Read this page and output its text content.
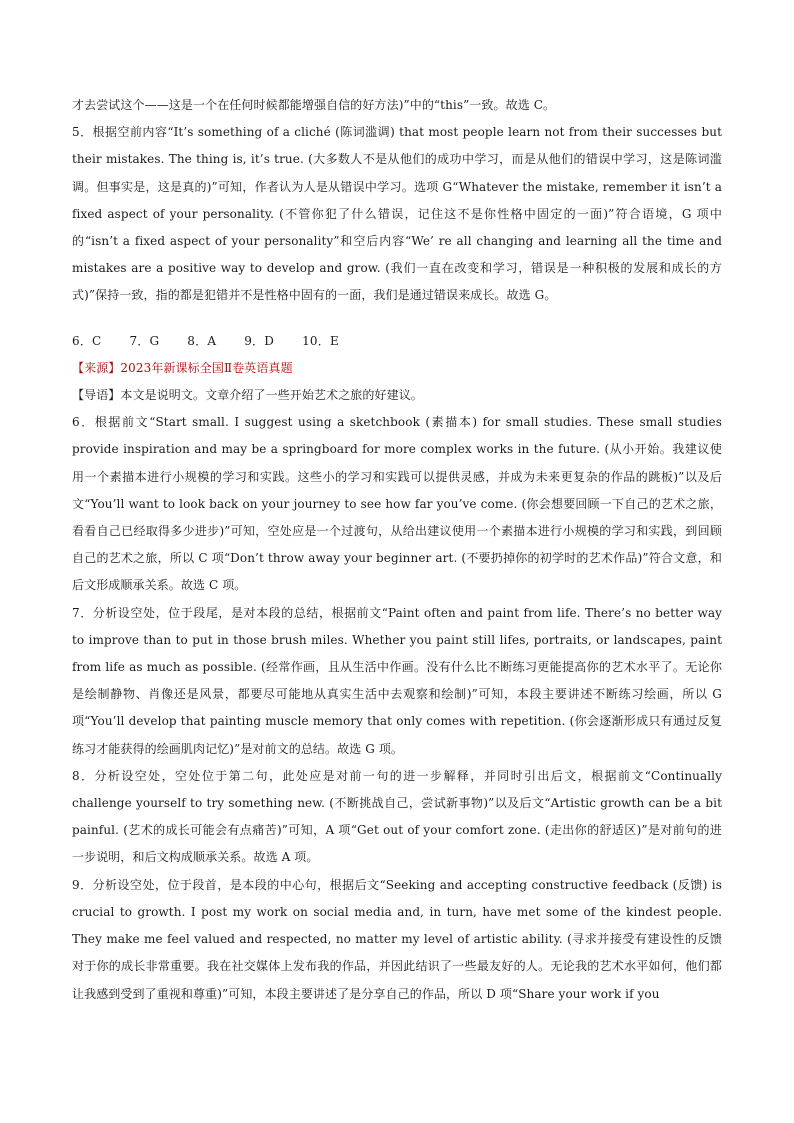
才去尝试这个——这是一个在任何时候都能增强自信的好方法)”中的“this”一致。故选 C。

5．根据空前内容“It’s something of a cliché (陈词滥调) that most people learn not from their successes but their mistakes. The thing is, it’s true. (大多数人不是从他们的成功中学习，而是从他们的错误中学习，这是陈词滥调。但事实是，这是真的)”可知，作者认为人是从错误中学习。选项 G“Whatever the mistake, remember it isn’t a fixed aspect of your personality. (不管你犯了什么错误，记住这不是你性格中固定的一面)”符合语境，G 项中的“isn’t a fixed aspect of your personality”和空后内容“We’ re all changing and learning all the time and mistakes are a positive way to develop and grow. (我们一直在改变和学习，错误是一种积极的发展和成长的方式)”保持一致，指的都是犯错并不是性格中固有的一面，我们是通过错误来成长。故选 G。

6．C 7．G 8．A 9．D 10．E

【来源】2023年新课标全国Ⅱ卷英语真题

【导语】本文是说明文。文章介绍了一些开始艺术之旅的好建议。

6．根据前文“Start small. I suggest using a sketchbook (素描本) for small studies. These small studies provide inspiration and may be a springboard for more complex works in the future. (从小开始。我建议使用一个素描本进行小规模的学习和实践。这些小的学习和实践可以提供灵感，并成为未来更复杂的作品的跳板)”以及后文“You’ll want to look back on your journey to see how far you’ve come. (你会想要回顾一下自己的艺术之旅，看看自己已经取得多少进步)”可知，空处应是一个过渡句，从给出建议使用一个素描本进行小规模的学习和实践，到回顾自己的艺术之旅，所以 C 项“Don’t throw away your beginner art. (不要扔掉你的初学时的艺术作品)”符合文意，和后文形成顺承关系。故选 C 项。

7．分析设空处，位于段尾，是对本段的总结，根据前文“Paint often and paint from life. There’s no better way to improve than to put in those brush miles. Whether you paint still lifes, portraits, or landscapes, paint from life as much as possible. (经常作画，且从生活中作画。没有什么比不断练习更能提高你的艺术水平了。无论你是绘制静物、肖像还是风景，都要尽可能地从真实生活中去观察和绘制)”可知，本段主要讲述不断练习绘画，所以 G 项“You’ll develop that painting muscle memory that only comes with repetition. (你会逐渐形成只有通过反复练习才能获得的绘画肌肉记忆)”是对前文的总结。故选 G 项。

8．分析设空处，空处位于第二句，此处应是对前一句的进一步解释，并同时引出后文，根据前文“Continually challenge yourself to try something new. (不断挑战自己，尝试新事物)”以及后文“Artistic growth can be a bit painful. (艺术的成长可能会有点痛苦)”可知，A 项“Get out of your comfort zone. (走出你的舒适区)”是对前句的进一步说明，和后文构成顺承关系。故选 A 项。

9．分析设空处，位于段首，是本段的中心句，根据后文“Seeking and accepting constructive feedback (反馈) is crucial to growth. I post my work on social media and, in turn, have met some of the kindest people. They make me feel valued and respected, no matter my level of artistic ability. (寻求并接受有建设性的反馈对于你的成长非常重要。我在社交媒体上发布我的作品，并因此结识了一些最友好的人。无论我的艺术水平如何，他们都让我感到受到了重视和尊重)”可知，本段主要讲述了是分享自己的作品，所以 D 项“Share your work if you
